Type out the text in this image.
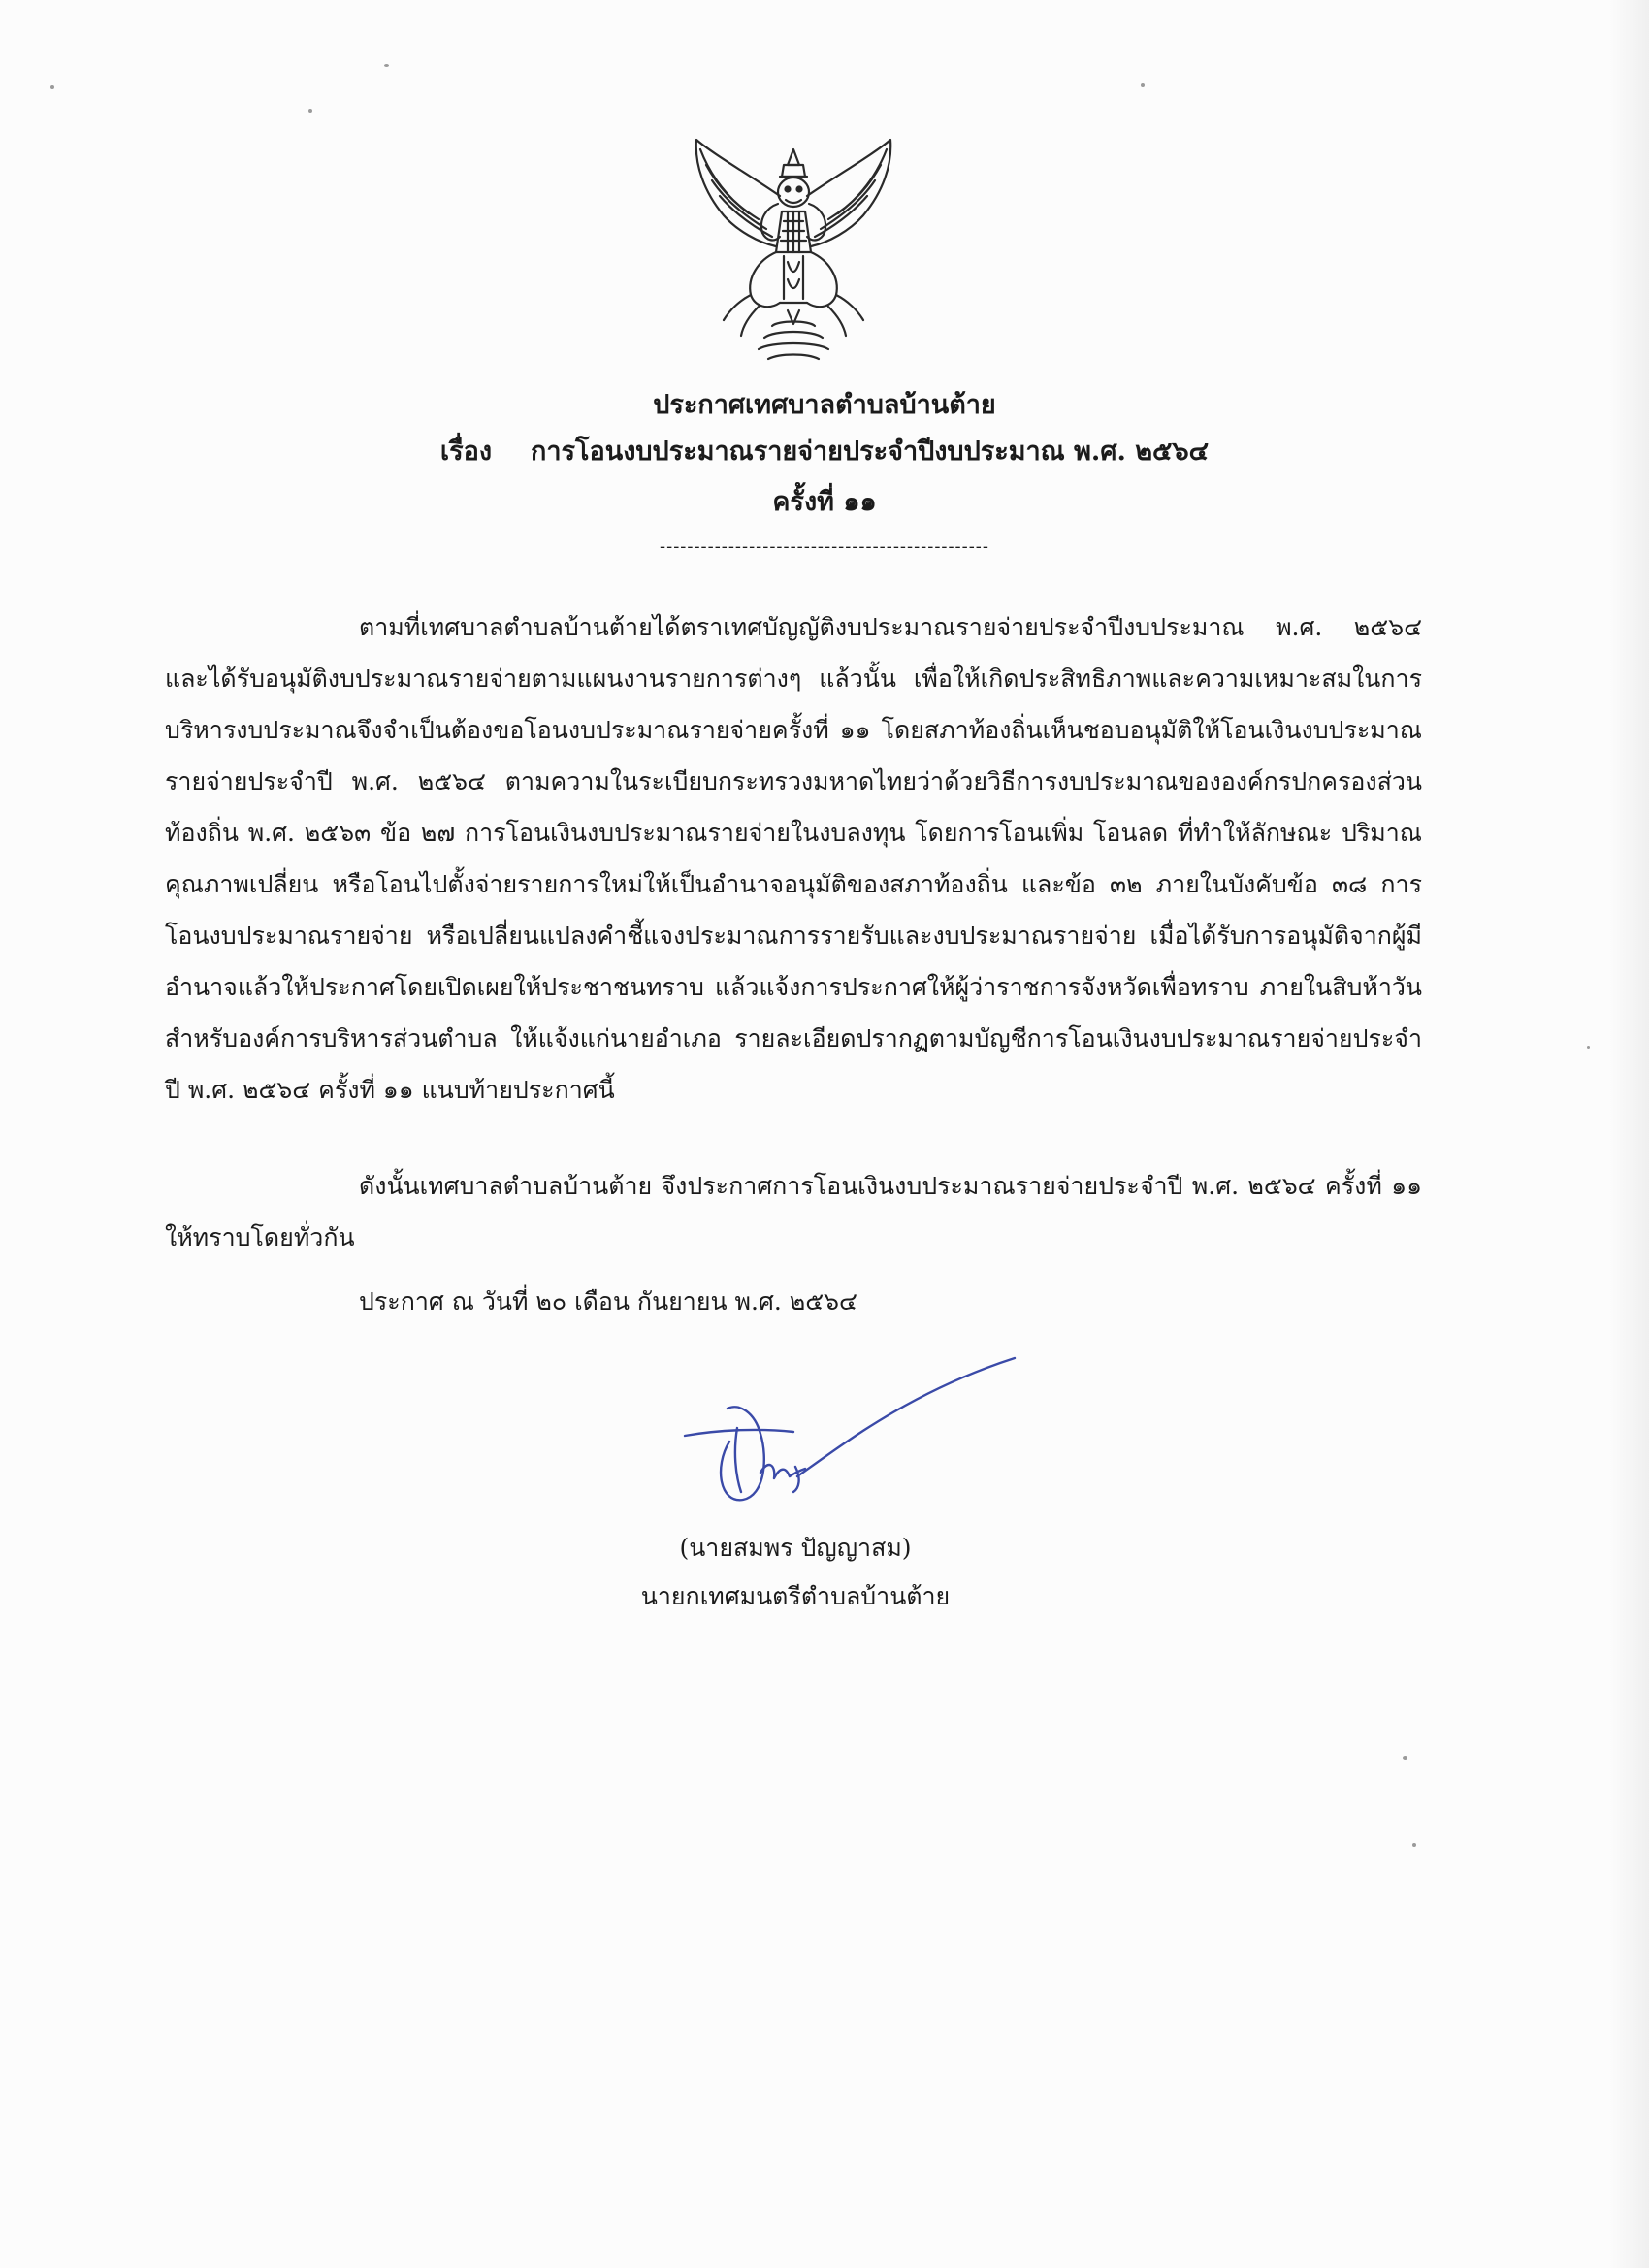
ประกาศเทศบาลตำบลบ้านต้าย
เรื่อง การโอนงบประมาณรายจ่ายประจำปีงบประมาณ พ.ศ. ๒๕๖๔
ครั้งที่ ๑๑
------------------------------------------------

ตามที่เทศบาลตำบลบ้านต้ายได้ตราเทศบัญญัติงบประมาณรายจ่ายประจำปีงบประมาณ พ.ศ. ๒๕๖๔ และได้รับอนุมัติงบประมาณรายจ่ายตามแผนงานรายการต่างๆ แล้วนั้น เพื่อให้เกิดประสิทธิภาพและความเหมาะสมในการบริหารงบประมาณจึงจำเป็นต้องขอโอนงบประมาณรายจ่ายครั้งที่ ๑๑ โดยสภาท้องถิ่นเห็นชอบอนุมัติให้โอนเงินงบประมาณรายจ่ายประจำปี พ.ศ. ๒๕๖๔ ตามความในระเบียบกระทรวงมหาดไทยว่าด้วยวิธีการงบประมาณขององค์กรปกครองส่วนท้องถิ่น พ.ศ. ๒๕๖๓ ข้อ ๒๗ การโอนเงินงบประมาณรายจ่ายในงบลงทุน โดยการโอนเพิ่ม โอนลด ที่ทำให้ลักษณะ ปริมาณ คุณภาพเปลี่ยน หรือโอนไปตั้งจ่ายรายการใหม่ให้เป็นอำนาจอนุมัติของสภาท้องถิ่น และข้อ ๓๒ ภายในบังคับข้อ ๓๘ การโอนงบประมาณรายจ่าย หรือเปลี่ยนแปลงคำชี้แจงประมาณการรายรับและงบประมาณรายจ่าย เมื่อได้รับการอนุมัติจากผู้มีอำนาจแล้วให้ประกาศโดยเปิดเผยให้ประชาชนทราบ แล้วแจ้งการประกาศให้ผู้ว่าราชการจังหวัดเพื่อทราบ ภายในสิบห้าวันสำหรับองค์การบริหารส่วนตำบล ให้แจ้งแก่นายอำเภอ รายละเอียดปรากฏตามบัญชีการโอนเงินงบประมาณรายจ่ายประจำปี พ.ศ. ๒๕๖๔ ครั้งที่ ๑๑ แนบท้ายประกาศนี้

ดังนั้นเทศบาลตำบลบ้านต้าย จึงประกาศการโอนเงินงบประมาณรายจ่ายประจำปี พ.ศ. ๒๕๖๔ ครั้งที่ ๑๑ ให้ทราบโดยทั่วกัน

ประกาศ ณ วันที่ ๒๐ เดือน กันยายน พ.ศ. ๒๕๖๔
(นายสมพร ปัญญาสม)
นายกเทศมนตรีตำบลบ้านต้าย
